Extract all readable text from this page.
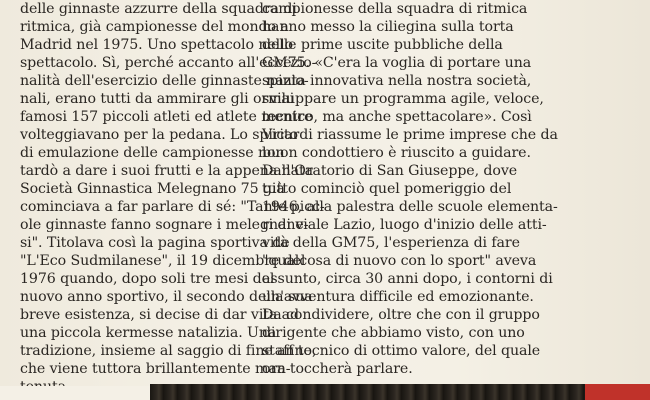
delle ginnaste azzurre della squadra di
ritmica, già campionesse del mondo a
Madrid nel 1975. Uno spettacolo nello
spettacolo. Sì, perché accanto all'eccezio-
nalità dell'esercizio delle ginnaste nazio-
nali, erano tutti da ammirare gli ormai
famosi 157 piccoli atleti ed atlete mentre
volteggiavano per la pedana. Lo spirito
di emulazione delle campionesse non
tardò a dare i suoi frutti e la appena nata
Società Ginnastica Melegnano 75 già
cominciava a far parlare di sé: "Tante picc-
ole ginnaste fanno sognare i melegnane-
si". Titolava così la pagina sportiva de
"L'Eco Sudmilanese", il 19 dicembre del
1976 quando, dopo soli tre mesi del
nuovo anno sportivo, il secondo della sua
breve esistenza, si decise di dar vita ad
una piccola kermesse natalizia. Una
tradizione, insieme al saggio di fine anno,
che viene tuttora brillantemente man-
campionesse della squadra di ritmica
hanno messo la ciliegina sulla torta
delle prime uscite pubbliche della
GM75. «C'era la voglia di portare una
spinta innovativa nella nostra società,
sviluppare un programma agile, veloce,
tecnico, ma anche spettacolare». Così
Vicardi riassume le prime imprese che da
buon condottiero è riuscito a guidare.
Dall'Oratorio di San Giuseppe, dove
tutto cominciò quel pomeriggio del
1946, alla palestra delle scuole elementa-
ri di viale Lazio, luogo d'inizio delle atti-
vità della GM75, l'esperienza di fare
"qualcosa di nuovo con lo sport" aveva
assunto, circa 30 anni dopo, i contorni di
un'avventura difficile ed emozionante.
Da condividere, oltre che con il gruppo
dirigente che abbiamo visto, con uno
staff tecnico di ottimo valore, del quale
ora toccherà parlare.
